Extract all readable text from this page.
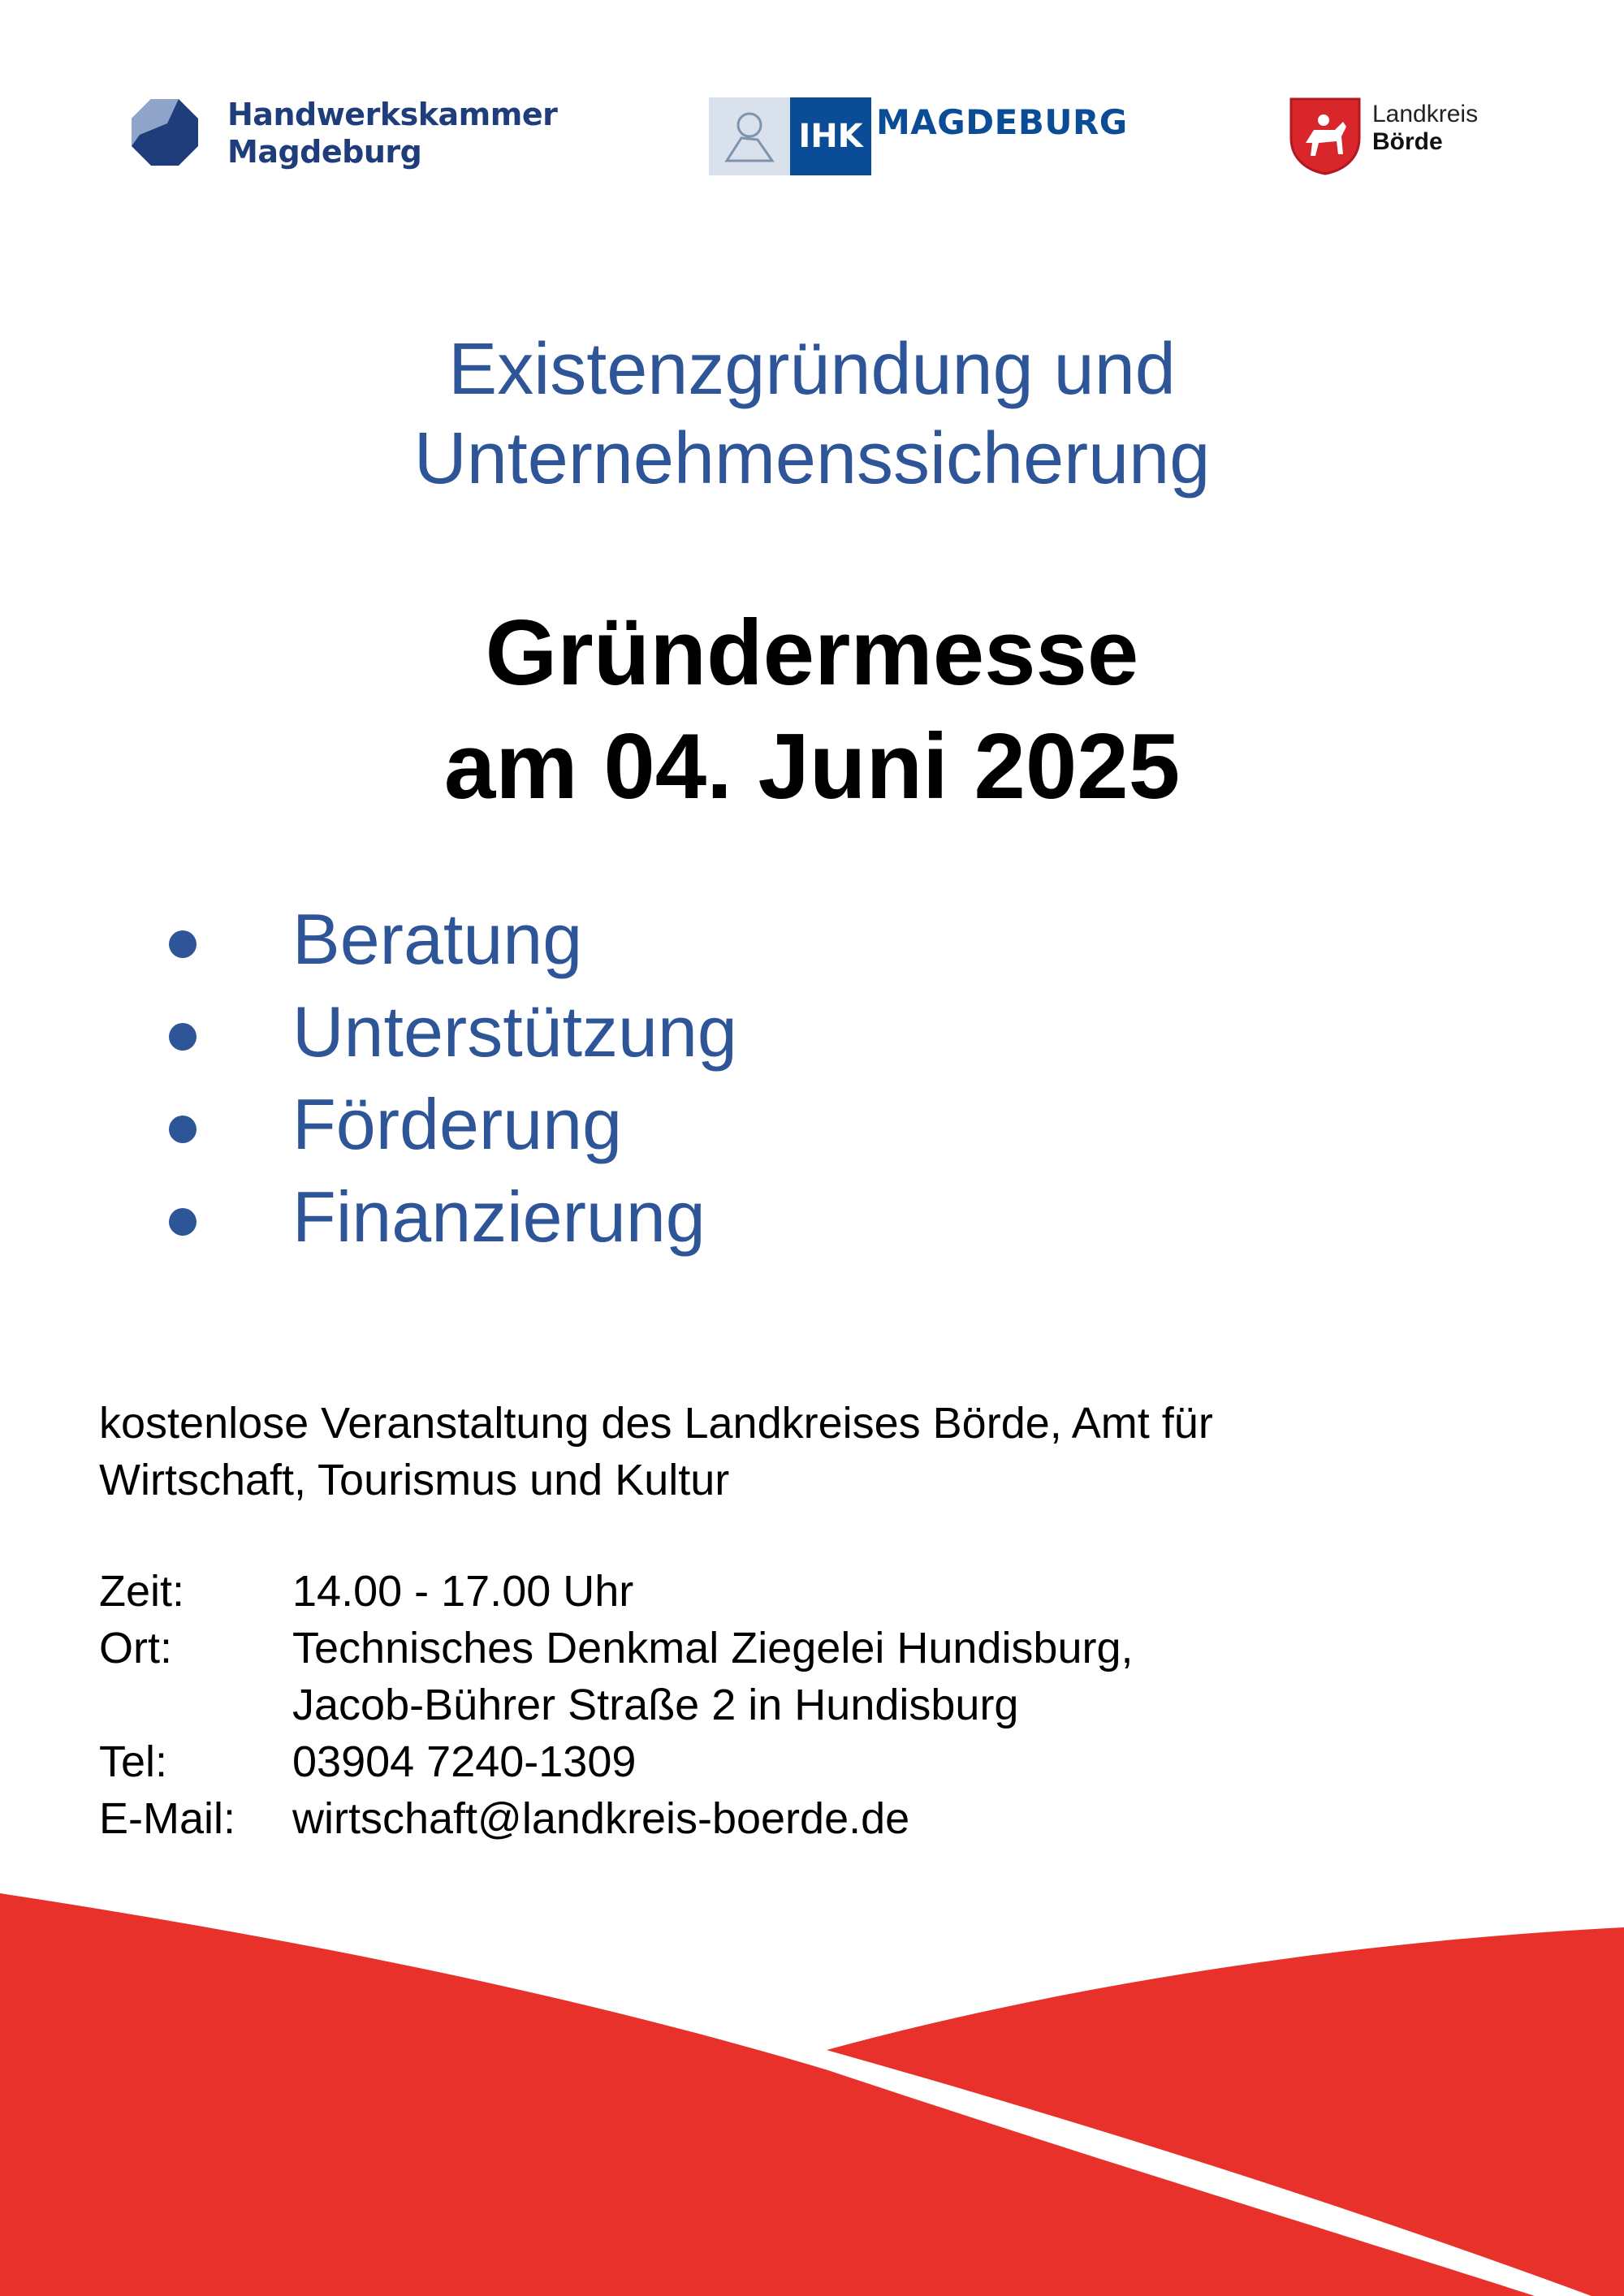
Handwerkskammer
Magdeburg	IHK MAGDEBURG	Landkreis
Börde
Existenzgründung und
Unternehmenssicherung
Gründermesse
am 04. Juni 2025
Beratung
Unterstützung
Förderung
Finanzierung
kostenlose Veranstaltung des Landkreises Börde, Amt für
Wirtschaft, Tourismus und Kultur
Zeit:	14.00 - 17.00 Uhr
Ort:	Technisches Denkmal Ziegelei Hundisburg,
Jacob-Bührer Straße 2 in Hundisburg
Tel:	03904 7240-1309
E-Mail:	wirtschaft@landkreis-boerde.de
